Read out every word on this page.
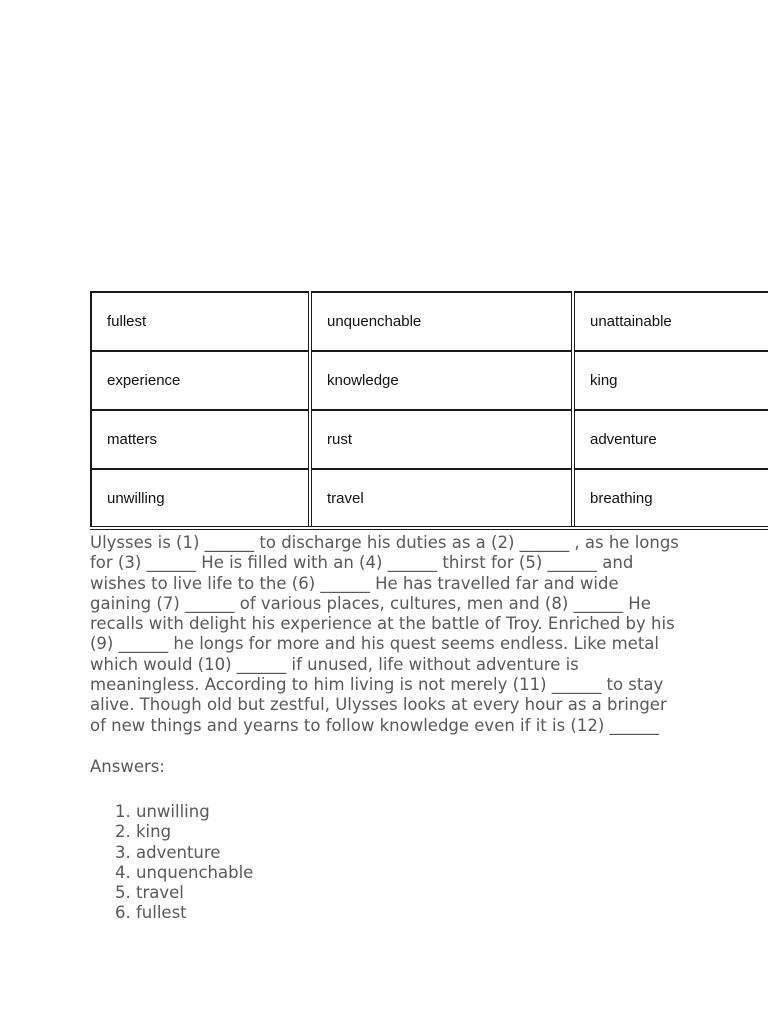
fullest	unquenchable	unattainable
experience	knowledge	king
matters	rust	adventure
unwilling	travel	breathing

Ulysses is (1) ______ to discharge his duties as a (2) ______ , as he longs for (3) ______ He is filled with an (4) ______ thirst for (5) ______ and wishes to live life to the (6) ______ He has travelled far and wide gaining (7) ______ of various places, cultures, men and (8) ______ He recalls with delight his experience at the battle of Troy. Enriched by his (9) ______ he longs for more and his quest seems endless. Like metal which would (10) ______ if unused, life without adventure is meaningless. According to him living is not merely (11) ______ to stay alive. Though old but zestful, Ulysses looks at every hour as a bringer of new things and yearns to follow knowledge even if it is (12) ______

Answers:

1. unwilling
2. king
3. adventure
4. unquenchable
5. travel
6. fullest
